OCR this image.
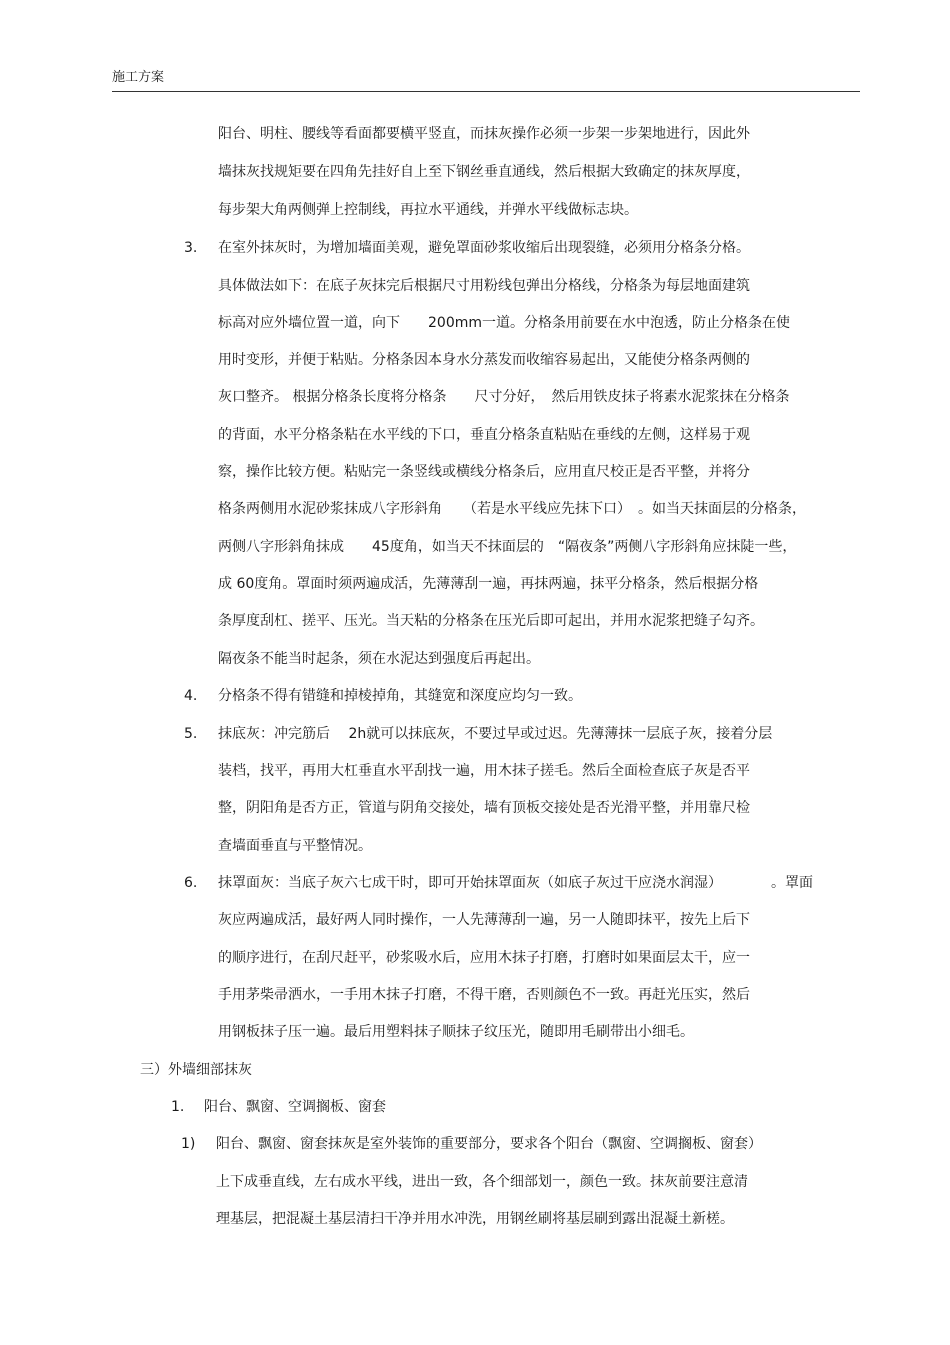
施工方案
阳台、明柱、腰线等看面都要横平竖直，而抹灰操作必须一步架一步架地进行，因此外
墙抹灰找规矩要在四角先挂好自上至下钢丝垂直通线，然后根据大致确定的抹灰厚度，
每步架大角两侧弹上控制线，再拉水平通线，并弹水平线做标志块。
3. 在室外抹灰时，为增加墙面美观，避免罩面砂浆收缩后出现裂缝，必须用分格条分格。
具体做法如下：在底子灰抹完后根据尺寸用粉线包弹出分格线，分格条为每层地面建筑
标高对应外墙位置一道，向下　　200mm一道。分格条用前要在水中泡透，防止分格条在使
用时变形，并便于粘贴。分格条因本身水分蒸发而收缩容易起出，又能使分格条两侧的
灰口整齐。 根据分格条长度将分格条　　尺寸分好，　然后用铁皮抹子将素水泥浆抹在分格条
的背面，水平分格条粘在水平线的下口，垂直分格条直粘贴在垂线的左侧，这样易于观
察，操作比较方便。粘贴完一条竖线或横线分格条后，应用直尺校正是否平整，并将分
格条两侧用水泥砂浆抹成八字形斜角　　（若是水平线应先抹下口）　。如当天抹面层的分格条，
两侧八字形斜角抹成　　45度角，如当天不抹面层的　“隔夜条”两侧八字形斜角应抹陡一些，
成 60度角。罩面时须两遍成活，先薄薄刮一遍，再抹两遍，抹平分格条，然后根据分格
条厚度刮杠、搓平、压光。当天粘的分格条在压光后即可起出，并用水泥浆把缝子勾齐。
隔夜条不能当时起条，须在水泥达到强度后再起出。
4. 分格条不得有错缝和掉棱掉角，其缝宽和深度应均匀一致。
5. 抹底灰：冲完筋后　 2h就可以抹底灰，不要过早或过迟。先薄薄抹一层底子灰，接着分层
装档，找平，再用大杠垂直水平刮找一遍，用木抹子搓毛。然后全面检查底子灰是否平
整，阴阳角是否方正，管道与阴角交接处，墙有顶板交接处是否光滑平整，并用靠尺检
查墙面垂直与平整情况。
6. 抹罩面灰：当底子灰六七成干时，即可开始抹罩面灰（如底子灰过干应浇水润湿）　　　　。罩面
灰应两遍成活，最好两人同时操作，一人先薄薄刮一遍，另一人随即抹平，按先上后下
的顺序进行，在刮尺赶平，砂浆吸水后，应用木抹子打磨，打磨时如果面层太干，应一
手用茅柴帚洒水，一手用木抹子打磨，不得干磨，否则颜色不一致。再赶光压实，然后
用钢板抹子压一遍。最后用塑料抹子顺抹子纹压光，随即用毛刷带出小细毛。
三）外墙细部抹灰
1. 阳台、飘窗、空调搁板、窗套
1) 阳台、飘窗、窗套抹灰是室外装饰的重要部分，要求各个阳台（飘窗、空调搁板、窗套）
上下成垂直线，左右成水平线，进出一致，各个细部划一，颜色一致。抹灰前要注意清
理基层，把混凝土基层清扫干净并用水冲洗，用钢丝刷将基层刷到露出混凝土新槎。
